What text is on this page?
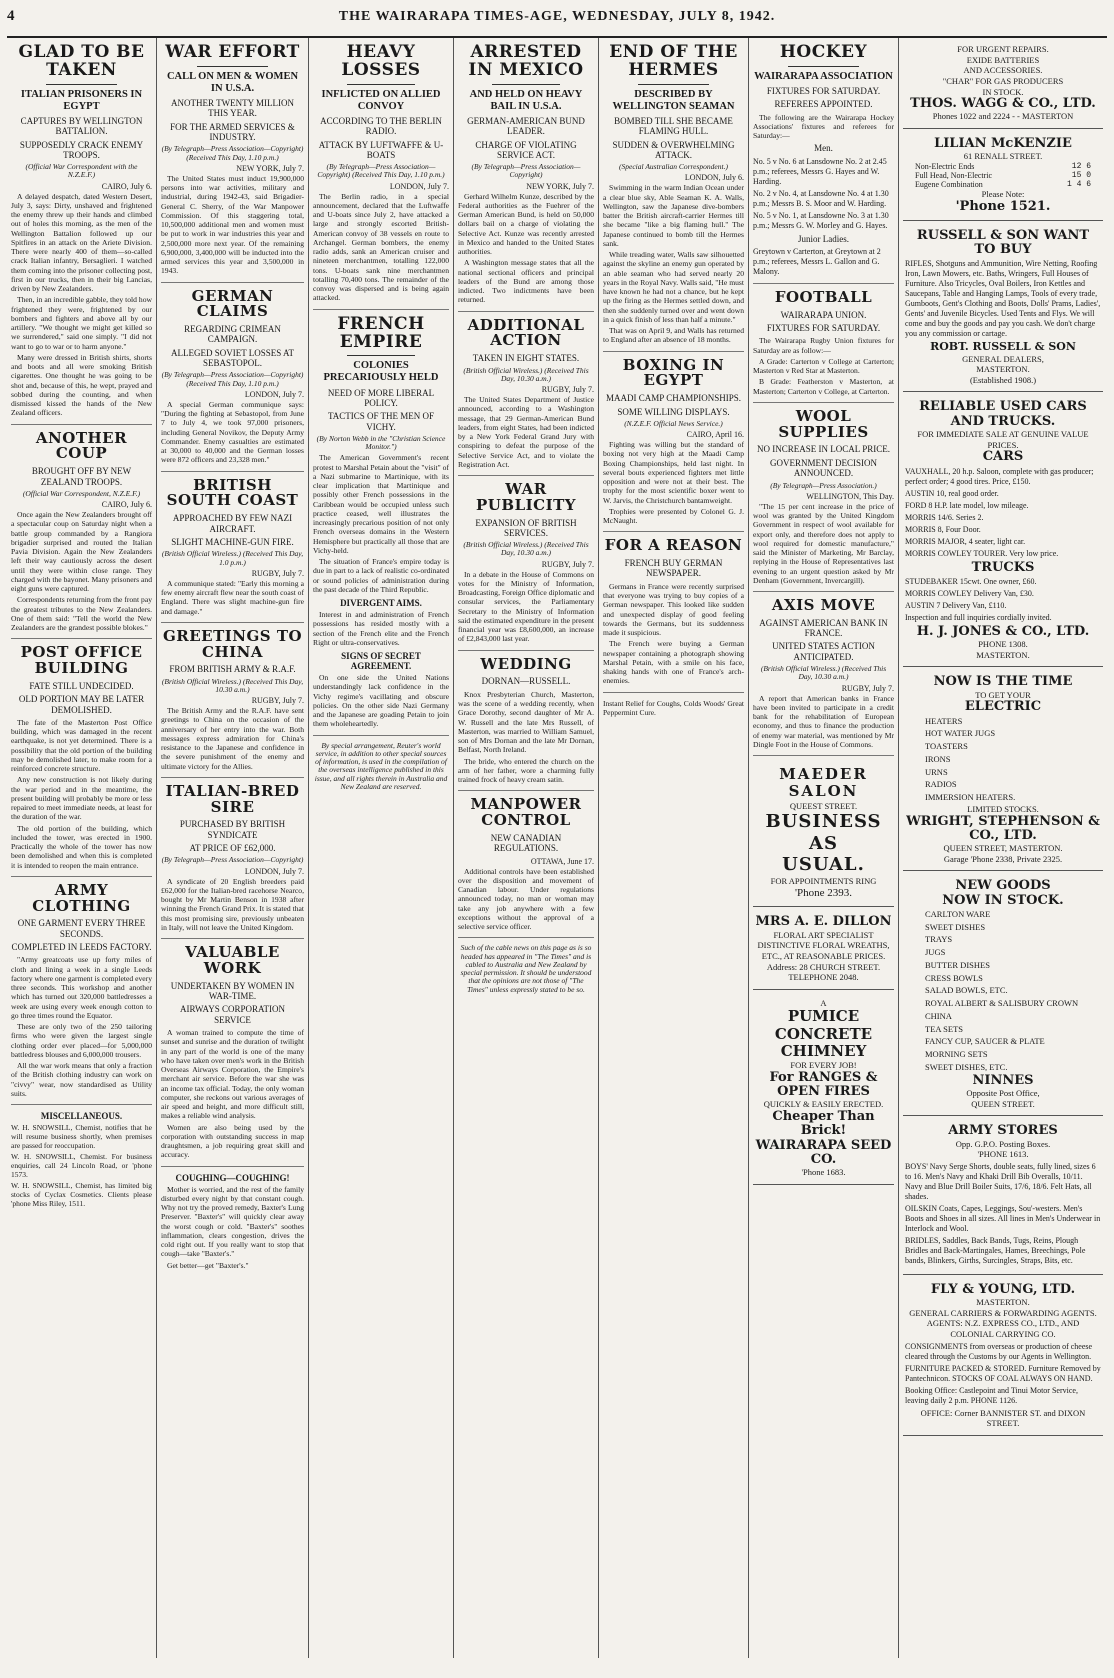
4	THE WAIRARAPA TIMES-AGE, WEDNESDAY, JULY 8, 1942.
GLAD TO BE TAKEN
ITALIAN PRISONERS IN EGYPT
CAPTURES BY WELLINGTON BATTALION.
SUPPOSEDLY CRACK ENEMY TROOPS.
(Official War Correspondent with the N.Z.E.F.)
CAIRO, July 6.

A delayed despatch, dated Western Desert, July 3, says: Dirty, unshaved and frightened the enemy threw up their hands and climbed out of holes this morning, as the men of the Wellington Battalion followed up our Spitfires in an attack on the Ariete Division. There were nearly 400 of them—so-called crack Italian infantry, Bersaglieri. I watched them coming into the prisoner collecting post, first in our trucks, then in their big Lancias, driven by New Zealanders.

Then, in an incredible gabble, they told how frightened they were, frightened by our bombers and fighters and above all by our artillery. "We thought we might get killed so we surrendered," said one simply. "I did not want to go to war or to harm anyone."

Many were dressed in British shirts, shorts and boots and all were smoking British cigarettes. One thought he was going to be shot and, because of this, he wept, prayed and sobbed during the counting, and when dismissed kissed the hands of the New Zealand officers.

ANOTHER COUP
BROUGHT OFF BY NEW ZEALAND TROOPS.
(Official War Correspondent, N.Z.E.F.)
CAIRO, July 6.

Once again the New Zealanders brought off a spectacular coup on Saturday night when a battle group commanded by a Rangiora brigadier surprised and routed the Italian Pavia Division. Again the New Zealanders left their way cautiously across the desert until they were within close range. They charged with the bayonet. Many prisoners and eight guns were captured.

Correspondents returning from the front pay the greatest tributes to the New Zealanders. One of them said: "Tell the world the New Zealanders are the grandest possible blokes."

POST OFFICE BUILDING
FATE STILL UNDECIDED.
OLD PORTION MAY BE LATER DEMOLISHED.

The fate of the Masterton Post Office building, which was damaged in the recent earthquake, is not yet determined. There is a possibility that the old portion of the building may be demolished later, to make room for a reinforced concrete structure.

Any new construction is not likely during the war period and in the meantime, the present building will probably be more or less repaired to meet immediate needs, at least for the duration of the war.

The old portion of the building, which included the tower, was erected in 1900. Practically the whole of the tower has now been demolished and when this is completed it is intended to reopen the main entrance.

ARMY CLOTHING
ONE GARMENT EVERY THREE SECONDS.
COMPLETED IN LEEDS FACTORY.

"Army greatcoats use up forty miles of cloth and lining a week in a single Leeds factory where one garment is completed every three seconds. This workshop and another which has turned out 320,000 battledresses a week are using every week enough cotton to go three times round the Equator.

These are only two of the 250 tailoring firms who were given the largest single clothing order ever placed—for 5,000,000 battledress blouses and 6,000,000 trousers.

All the war work means that only a fraction of the British clothing industry can work on "civvy" wear, now standardised as Utility suits.

MISCELLANEOUS.
W. H. SNOWSILL, Chemist, notifies that he will resume business shortly, when premises are passed for reoccupation.
W. H. SNOWSILL, Chemist. For business enquiries, call 24 Lincoln Road, or 'phone 1573.
W. H. SNOWSILL, Chemist, has limited big stocks of Cyclax Cosmetics. Clients please 'phone Miss Riley, 1511.
WAR EFFORT
CALL ON MEN & WOMEN IN U.S.A.
ANOTHER TWENTY MILLION THIS YEAR.
FOR THE ARMED SERVICES & INDUSTRY.
(By Telegraph—Press Association—Copyright) (Received This Day, 1.10 p.m.)
NEW YORK, July 7.

The United States must induct 19,900,000 persons into war activities, military and industrial, during 1942-43, said Brigadier-General C. Sherry, of the War Manpower Commission. Of this staggering total, 10,500,000 additional men and women must be put to work in war industries this year and 2,500,000 more next year. Of the remaining 6,900,000, 3,400,000 will be inducted into the armed services this year and 3,500,000 in 1943.

GERMAN CLAIMS
REGARDING CRIMEAN CAMPAIGN.
ALLEGED SOVIET LOSSES AT SEBASTOPOL.
(By Telegraph—Press Association—Copyright) (Received This Day, 1.10 p.m.)
LONDON, July 7.

A special German communique says: "During the fighting at Sebastopol, from June 7 to July 4, we took 97,000 prisoners, including General Novikov, the Deputy Army Commander. Enemy casualties are estimated at 30,000 to 40,000 and the German losses were 872 officers and 23,328 men."

BRITISH SOUTH COAST
APPROACHED BY FEW NAZI AIRCRAFT.
SLIGHT MACHINE-GUN FIRE.
(British Official Wireless.) (Received This Day, 1.0 p.m.)
RUGBY, July 7.

A communique stated: "Early this morning a few enemy aircraft flew near the south coast of England. There was slight machine-gun fire and damage."

GREETINGS TO CHINA
FROM BRITISH ARMY & R.A.F.
(British Official Wireless.) (Received This Day, 10.30 a.m.)
RUGBY, July 7.

The British Army and the R.A.F. have sent greetings to China on the occasion of the anniversary of her entry into the war. Both messages express admiration for China's resistance to the Japanese and confidence in the severe punishment of the enemy and ultimate victory for the Allies.

ITALIAN-BRED SIRE
PURCHASED BY BRITISH SYNDICATE
AT PRICE OF £62,000.
(By Telegraph—Press Association—Copyright)
LONDON, July 7.

A syndicate of 20 English breeders paid £62,000 for the Italian-bred racehorse Nearco, bought by Mr Martin Benson in 1938 after winning the French Grand Prix. It is stated that this most promising sire, previously unbeaten in Italy, will not leave the United Kingdom.

VALUABLE WORK
UNDERTAKEN BY WOMEN IN WAR-TIME.
AIRWAYS CORPORATION SERVICE

A woman trained to compute the time of sunset and sunrise and the duration of twilight in any part of the world is one of the many who have taken over men's work in the British Overseas Airways Corporation, the Empire's merchant air service. Before the war she was an income tax official. Today, the only woman computer, she reckons out various averages of air speed and height, and more difficult still, makes a reliable wind analysis.

Women are also being used by the corporation with outstanding success in map draughtsmen, a job requiring great skill and accuracy.

COUGHING—COUGHING!

Mother is worried, and the rest of the family disturbed every night by that constant cough. Why not try the proved remedy, Baxter's Lung Preserver. "Baxter's" will quickly clear away the worst cough or cold. "Baxter's" soothes inflammation, clears congestion, drives the cold right out. If you really want to stop that cough—take "Baxter's."

Get better—get "Baxter's."

HEAVY LOSSES
INFLICTED ON ALLIED CONVOY
ACCORDING TO THE BERLIN RADIO.
ATTACK BY LUFTWAFFE & U-BOATS
(By Telegraph—Press Association—Copyright) (Received This Day, 1.10 p.m.)
LONDON, July 7.

The Berlin radio, in a special announcement, declared that the Luftwaffe and U-boats since July 2, have attacked a large and strongly escorted British-American convoy of 38 vessels en route to Archangel. German bombers, the enemy radio adds, sank an American cruiser and nineteen merchantmen, totalling 122,000 tons. U-boats sank nine merchantmen totalling 70,400 tons. The remainder of the convoy was dispersed and is being again attacked.

FRENCH EMPIRE
COLONIES PRECARIOUSLY HELD
NEED OF MORE LIBERAL POLICY.
TACTICS OF THE MEN OF VICHY.
(By Norton Webb in the "Christian Science Monitor.")

The American Government's recent protest to Marshal Petain about the "visit" of a Nazi submarine to Martinique, with its clear implication that Martinique and possibly other French possessions in the Caribbean would be occupied unless such practice ceased, well illustrates the increasingly precarious position of not only French overseas domains in the Western Hemisphere but practically all those that are Vichy-held.

The situation of France's empire today is due in part to a lack of realistic co-ordinated or sound policies of administration during the past decade of the Third Republic.

DIVERGENT AIMS.

Interest in and administration of French possessions has resided mostly with a section of the French elite and the French Right or ultra-conservatives.

SIGNS OF SECRET AGREEMENT.

On one side the United Nations understandingly lack confidence in the Vichy regime's vacillating and obscure policies. On the other side Nazi Germany and the Japanese are goading Petain to join them wholeheartedly.

By special arrangement, Reuter's world service, in addition to other special sources of information, is used in the compilation of the overseas intelligence published in this issue, and all rights therein in Australia and New Zealand are reserved.
ARRESTED IN MEXICO
AND HELD ON HEAVY BAIL IN U.S.A.
GERMAN-AMERICAN BUND LEADER.
CHARGE OF VIOLATING SERVICE ACT.
(By Telegraph—Press Association—Copyright)
NEW YORK, July 7.

Gerhard Wilhelm Kunze, described by the Federal authorities as the Fuehrer of the German American Bund, is held on 50,000 dollars bail on a charge of violating the Selective Act. Kunze was recently arrested in Mexico and handed to the United States authorities.

A Washington message states that all the national sectional officers and principal leaders of the Bund are among those indicted. Two indictments have been returned.

ADDITIONAL ACTION
TAKEN IN EIGHT STATES.
(British Official Wireless.) (Received This Day, 10.30 a.m.)
RUGBY, July 7.

The United States Department of Justice announced, according to a Washington message, that 29 German-American Bund leaders, from eight States, had been indicted by a New York Federal Grand Jury with conspiring to defeat the purpose of the Selective Service Act, and to violate the Registration Act.

WAR PUBLICITY
EXPANSION OF BRITISH SERVICES.
(British Official Wireless.) (Received This Day, 10.30 a.m.)
RUGBY, July 7.

In a debate in the House of Commons on votes for the Ministry of Information, Broadcasting, Foreign Office diplomatic and consular services, the Parliamentary Secretary to the Ministry of Information said the estimated expenditure in the present financial year was £8,600,000, an increase of £2,843,000 last year.

WEDDING
DORNAN—RUSSELL.

Knox Presbyterian Church, Masterton, was the scene of a wedding recently, when Grace Dorothy, second daughter of Mr A. W. Russell and the late Mrs Russell, of Masterton, was married to William Samuel, son of Mrs Dornan and the late Mr Dornan, Belfast, North Ireland.

The bride, who entered the church on the arm of her father, wore a charming fully trained frock of heavy cream satin.

MANPOWER CONTROL
NEW CANADIAN REGULATIONS.
OTTAWA, June 17.

Additional controls have been established over the disposition and movement of Canadian labour. Under regulations announced today, no man or woman may take any job anywhere with a few exceptions without the approval of a selective service officer.

Such of the cable news on this page as is so headed has appeared in "The Times" and is cabled to Australia and New Zealand by special permission. It should be understood that the opinions are not those of "The Times" unless expressly stated to be so.
END OF THE HERMES
DESCRIBED BY WELLINGTON SEAMAN
BOMBED TILL SHE BECAME FLAMING HULL.
SUDDEN & OVERWHELMING ATTACK.
(Special Australian Correspondent.)
LONDON, July 6.

Swimming in the warm Indian Ocean under a clear blue sky, Able Seaman K. A. Walls, Wellington, saw the Japanese dive-bombers batter the British aircraft-carrier Hermes till she became "like a big flaming hull." The Japanese continued to bomb till the Hermes sank.

While treading water, Walls saw silhouetted against the skyline an enemy gun operated by an able seaman who had served nearly 20 years in the Royal Navy. Walls said, "He must have known he had not a chance, but he kept up the firing as the Hermes settled down, and then she suddenly turned over and went down in a quick finish of less than half a minute."

That was on April 9, and Walls has returned to England after an absence of 18 months.

BOXING IN EGYPT
MAADI CAMP CHAMPIONSHIPS.
SOME WILLING DISPLAYS.
(N.Z.E.F. Official News Service.)
CAIRO, April 16.

Fighting was willing but the standard of boxing not very high at the Maadi Camp Boxing Championships, held last night. In several bouts experienced fighters met little opposition and were not at their best. The trophy for the most scientific boxer went to W. Jarvis, the Christchurch bantamweight.

Trophies were presented by Colonel G. J. McNaught.

FOR A REASON
FRENCH BUY GERMAN NEWSPAPER.

Germans in France were recently surprised that everyone was trying to buy copies of a German newspaper. This looked like sudden and unexpected display of good feeling towards the Germans, but its suddenness made it suspicious.

The French were buying a German newspaper containing a photograph showing Marshal Petain, with a smile on his face, shaking hands with one of France's arch-enemies.

Instant Relief for Coughs, Colds Woods' Great Peppermint Cure.
HOCKEY
WAIRARAPA ASSOCIATION
FIXTURES FOR SATURDAY.
REFEREES APPOINTED.

The following are the Wairarapa Hockey Associations' fixtures and referees for Saturday:—

Men.
No. 5 v No. 6 at Lansdowne No. 2 at 2.45 p.m.; referees, Messrs G. Hayes and W. Harding.
No. 2 v No. 4, at Lansdowne No. 4 at 1.30 p.m.; Messrs B. S. Moor and W. Harding.
No. 5 v No. 1, at Lansdowne No. 3 at 1.30 p.m.; Messrs G. W. Morley and G. Hayes.
Junior Ladies.
Greytown v Carterton, at Greytown at 2 p.m.; referees, Messrs L. Gallon and G. Malony.
FOOTBALL
WAIRARAPA UNION.
FIXTURES FOR SATURDAY.

The Wairarapa Rugby Union fixtures for Saturday are as follow:—

A Grade: Carterton v College at Carterton; Masterton v Red Star at Masterton.

B Grade: Featherston v Masterton, at Masterton; Carterton v College, at Carterton.

WOOL SUPPLIES
NO INCREASE IN LOCAL PRICE.
GOVERNMENT DECISION ANNOUNCED.
(By Telegraph—Press Association.)
WELLINGTON, This Day.

"The 15 per cent increase in the price of wool was granted by the United Kingdom Government in respect of wool available for export only, and therefore does not apply to wool required for domestic manufacture," said the Minister of Marketing, Mr Barclay, replying in the House of Representatives last evening to an urgent question asked by Mr Denham (Government, Invercargill).

AXIS MOVE
AGAINST AMERICAN BANK IN FRANCE.
UNITED STATES ACTION ANTICIPATED.
(British Official Wireless.) (Received This Day, 10.30 a.m.)
RUGBY, July 7.

A report that American banks in France have been invited to participate in a credit bank for the rehabilitation of European economy, and thus to finance the production of enemy war material, was mentioned by Mr Dingle Foot in the House of Commons.

MAEDER SALON
QUEEST STREET.
BUSINESS
AS
USUAL.
FOR APPOINTMENTS RING
'Phone 2393.
MRS A. E. DILLON
FLORAL ART SPECIALIST
DISTINCTIVE FLORAL WREATHS, ETC., AT REASONABLE PRICES.
Address: 28 CHURCH STREET.
TELEPHONE 2048.
A
PUMICE
CONCRETE
CHIMNEY
FOR EVERY JOB!
For RANGES & OPEN FIRES
QUICKLY & EASILY ERECTED.
Cheaper Than Brick!
WAIRARAPA SEED CO.
'Phone 1683.
FOR URGENT REPAIRS.
EXIDE BATTERIES
AND ACCESSORIES.
"CHAR" FOR GAS PRODUCERS
IN STOCK.
THOS. WAGG & CO., LTD.
Phones 1022 and 2224 - - MASTERTON
LILIAN McKENZIE
61 RENALL STREET.
Non-Electric Ends	12 6
Full Head, Non-Electric	15 0
Eugene Combination	1 4 6
Please Note:
'Phone 1521.
RUSSELL & SON WANT TO BUY
RIFLES, Shotguns and Ammunition, Wire Netting, Roofing Iron, Lawn Mowers, etc. Baths, Wringers, Full Houses of Furniture. Also Tricycles, Oval Boilers, Iron Kettles and Saucepans, Table and Hanging Lamps, Tools of every trade, Gumboots, Gent's Clothing and Boots, Dolls' Prams, Ladies', Gents' and Juvenile Bicycles. Used Tents and Flys. We will come and buy the goods and pay you cash. We don't charge you any commission or cartage.
ROBT. RUSSELL & SON
GENERAL DEALERS,
MASTERTON.
(Established 1908.)
RELIABLE USED CARS AND TRUCKS.
FOR IMMEDIATE SALE AT GENUINE VALUE PRICES.
CARS
VAUXHALL, 20 h.p. Saloon, complete with gas producer; perfect order; 4 good tires. Price, £150.
AUSTIN 10, real good order.
FORD 8 H.P. late model, low mileage.
MORRIS 14/6. Series 2.
MORRIS 8, Four Door.
MORRIS MAJOR, 4 seater, light car.
MORRIS COWLEY TOURER. Very low price.
TRUCKS
STUDEBAKER 15cwt. One owner, £60.
MORRIS COWLEY Delivery Van, £30.
AUSTIN 7 Delivery Van, £110.
Inspection and full inquiries cordially invited.
H. J. JONES & CO., LTD.
PHONE 1308.
MASTERTON.
NOW IS THE TIME
TO GET YOUR
ELECTRIC
HEATERS
HOT WATER JUGS
TOASTERS
IRONS
URNS
RADIOS
IMMERSION HEATERS.
LIMITED STOCKS.
WRIGHT, STEPHENSON & CO., LTD.
QUEEN STREET, MASTERTON.
Garage 'Phone 2338, Private 2325.
NEW GOODS
NOW IN STOCK.
CARLTON WARE
SWEET DISHES
TRAYS
JUGS
BUTTER DISHES
CRESS BOWLS
SALAD BOWLS, ETC.
ROYAL ALBERT & SALISBURY CROWN CHINA
TEA SETS
FANCY CUP, SAUCER & PLATE
MORNING SETS
SWEET DISHES, ETC.
NINNES
Opposite Post Office,
QUEEN STREET.
ARMY STORES
Opp. G.P.O. Posting Boxes.
'PHONE 1613.
BOYS' Navy Serge Shorts, double seats, fully lined, sizes 6 to 16. Men's Navy and Khaki Drill Bib Overalls, 10/11. Navy and Blue Drill Boiler Suits, 17/6, 18/6. Felt Hats, all shades.
OILSKIN Coats, Capes, Leggings, Sou'-westers. Men's Boots and Shoes in all sizes. All lines in Men's Underwear in Interlock and Wool.
BRIDLES, Saddles, Back Bands, Tugs, Reins, Plough Bridles and Back-Martingales, Hames, Breechings, Pole bands, Blinkers, Girths, Surcingles, Straps, Bits, etc.
FLY & YOUNG, LTD.
MASTERTON.
GENERAL CARRIERS & FORWARDING AGENTS.
AGENTS: N.Z. EXPRESS CO., LTD., AND COLONIAL CARRYING CO.
CONSIGNMENTS from overseas or production of cheese cleared through the Customs by our Agents in Wellington.
FURNITURE PACKED & STORED. Furniture Removed by Pantechnicon. STOCKS OF COAL ALWAYS ON HAND.
Booking Office: Castlepoint and Tinui Motor Service, leaving daily 2 p.m. PHONE 1126.
OFFICE: Corner BANNISTER ST. and DIXON STREET.
